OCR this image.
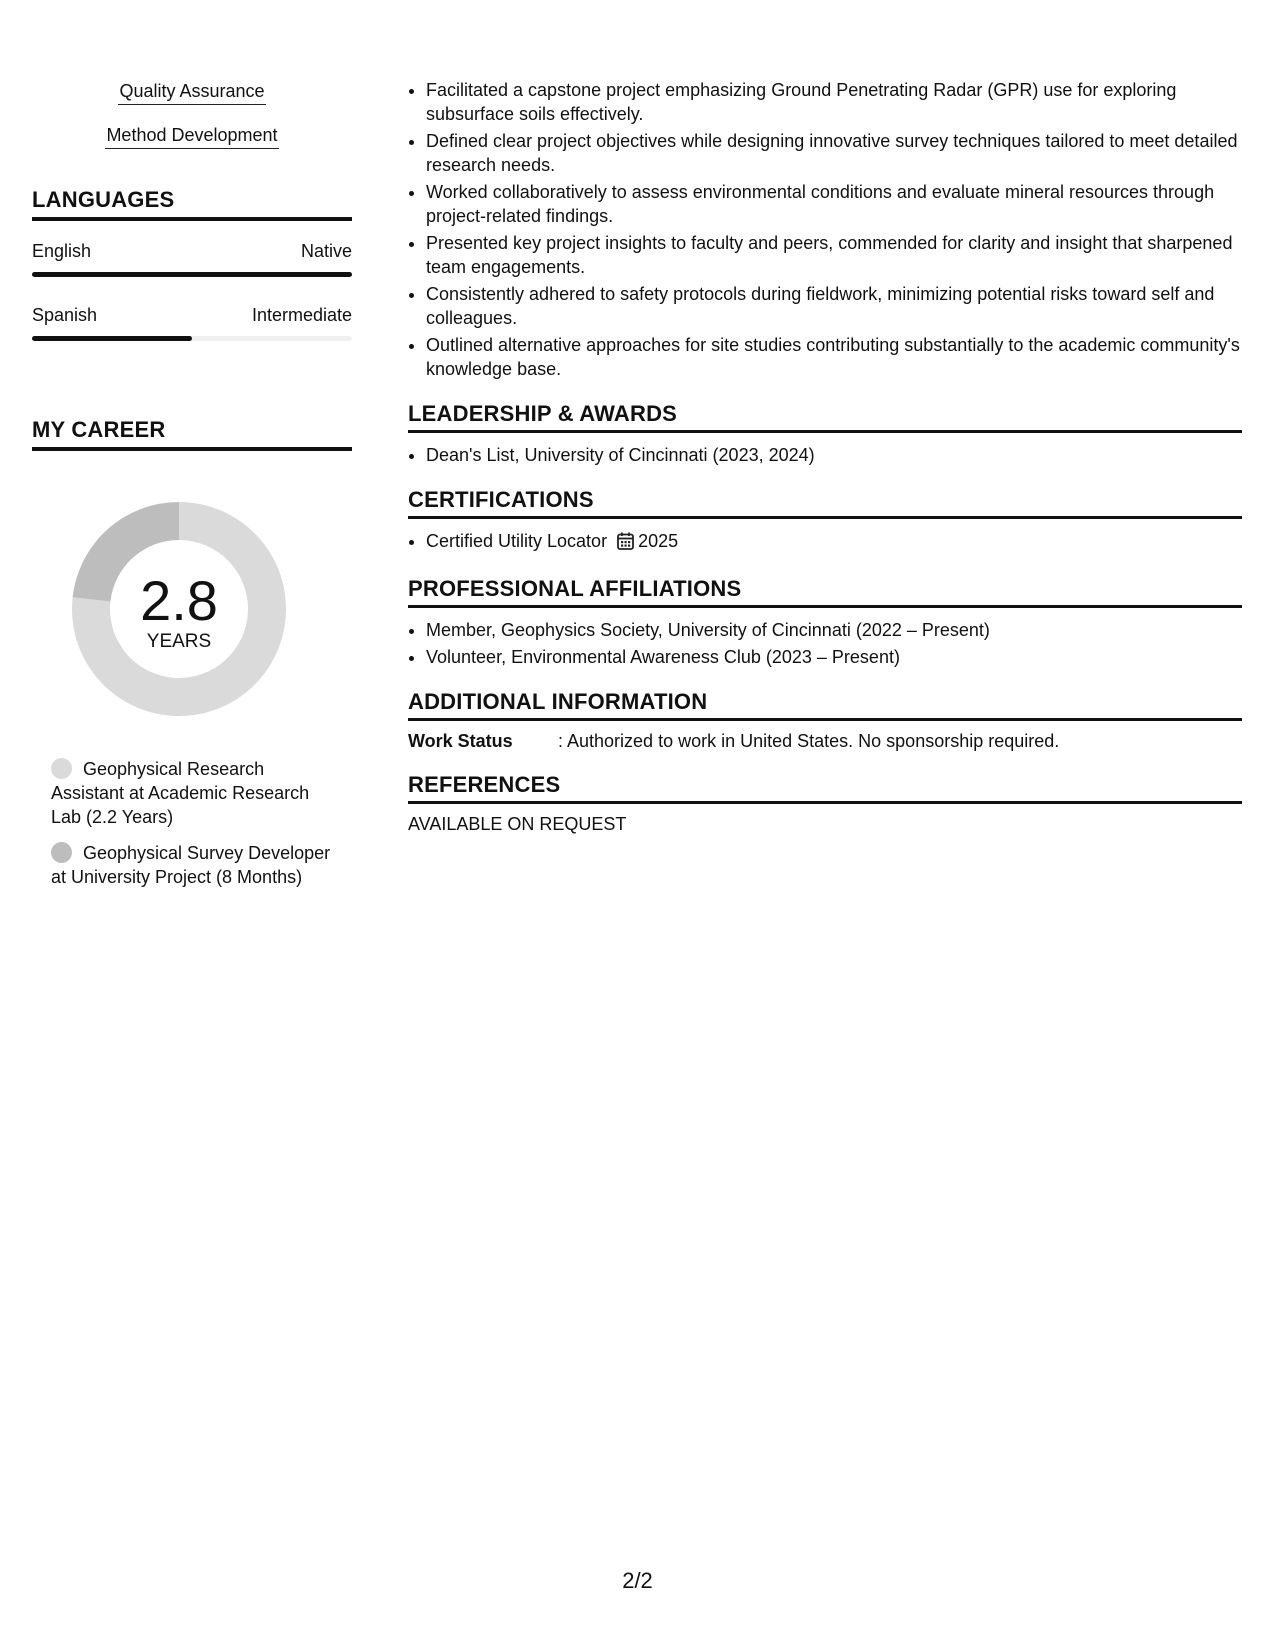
Quality Assurance
Method Development
LANGUAGES
English	Native
Spanish	Intermediate
MY CAREER
2.8
YEARS
Geophysical Research Assistant at Academic Research Lab (2.2 Years)
Geophysical Survey Developer at University Project (8 Months)
• Facilitated a capstone project emphasizing Ground Penetrating Radar (GPR) use for exploring subsurface soils effectively.
• Defined clear project objectives while designing innovative survey techniques tailored to meet detailed research needs.
• Worked collaboratively to assess environmental conditions and evaluate mineral resources through project-related findings.
• Presented key project insights to faculty and peers, commended for clarity and insight that sharpened team engagements.
• Consistently adhered to safety protocols during fieldwork, minimizing potential risks toward self and colleagues.
• Outlined alternative approaches for site studies contributing substantially to the academic community's knowledge base.
LEADERSHIP & AWARDS
• Dean's List, University of Cincinnati (2023, 2024)
CERTIFICATIONS
• Certified Utility Locator 2025
PROFESSIONAL AFFILIATIONS
• Member, Geophysics Society, University of Cincinnati (2022 – Present)
• Volunteer, Environmental Awareness Club (2023 – Present)
ADDITIONAL INFORMATION
Work Status	: Authorized to work in United States. No sponsorship required.
REFERENCES
AVAILABLE ON REQUEST
2/2
